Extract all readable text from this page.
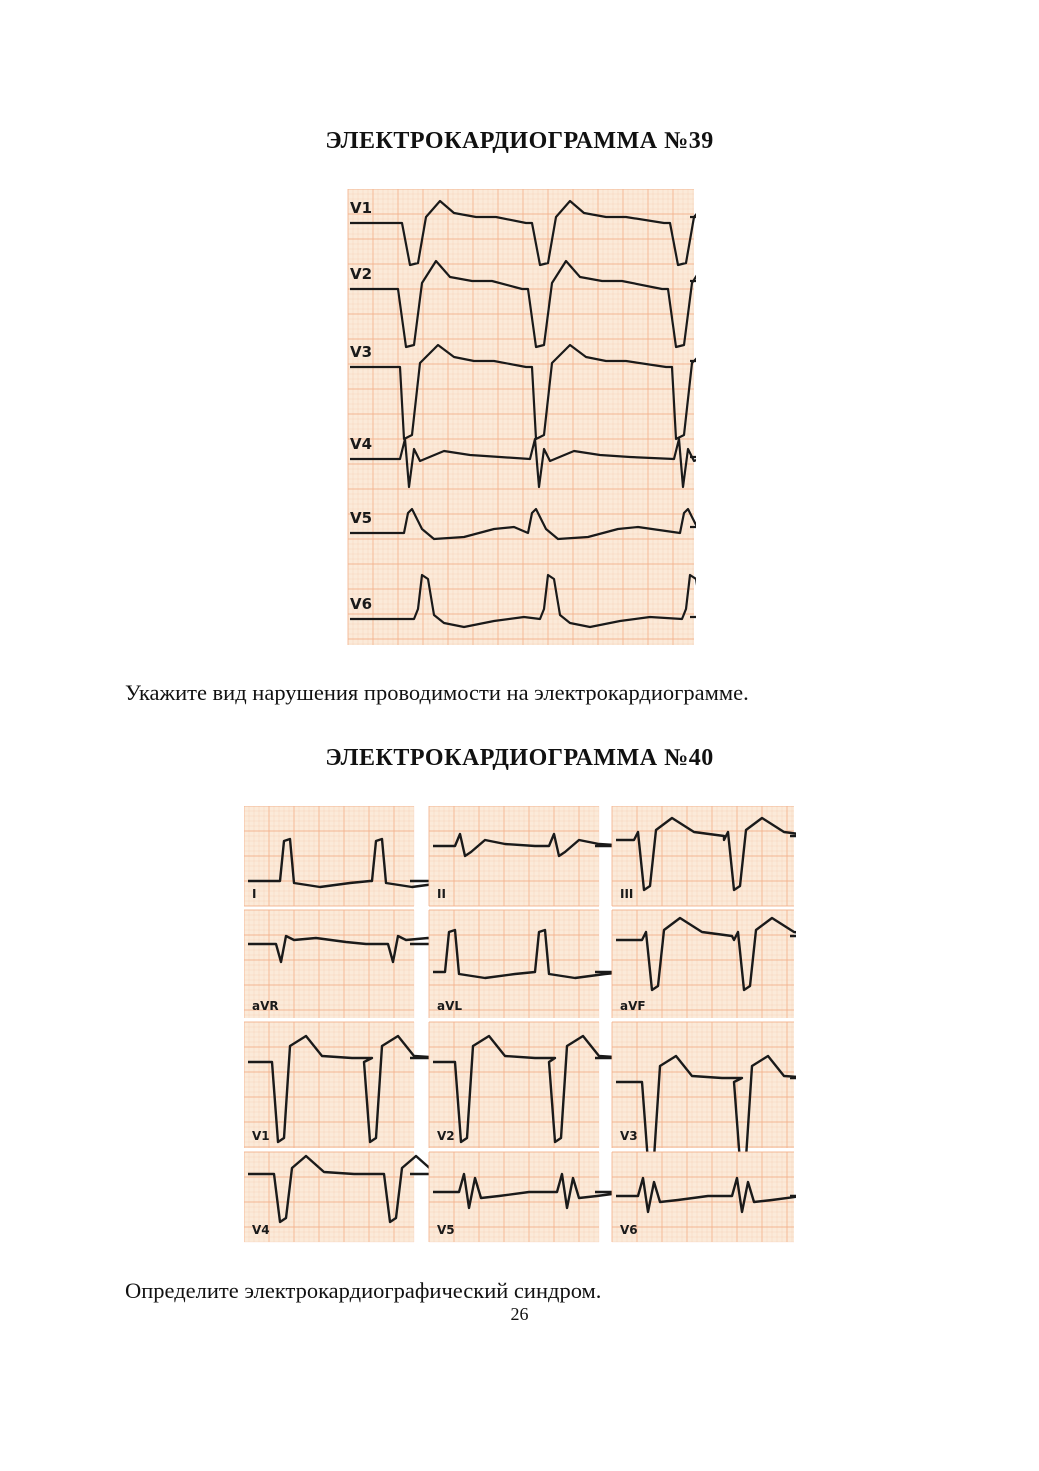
ЭЛЕКТРОКАРДИОГРАММА №39
V1
V2
V3
V4
V5
V6
Укажите вид нарушения проводимости на электрокардиограмме.
ЭЛЕКТРОКАРДИОГРАММА №40
I	II	III
aVR	aVL	aVF
V1	V2	V3
V4	V5	V6
Определите электрокардиографический синдром.
26
